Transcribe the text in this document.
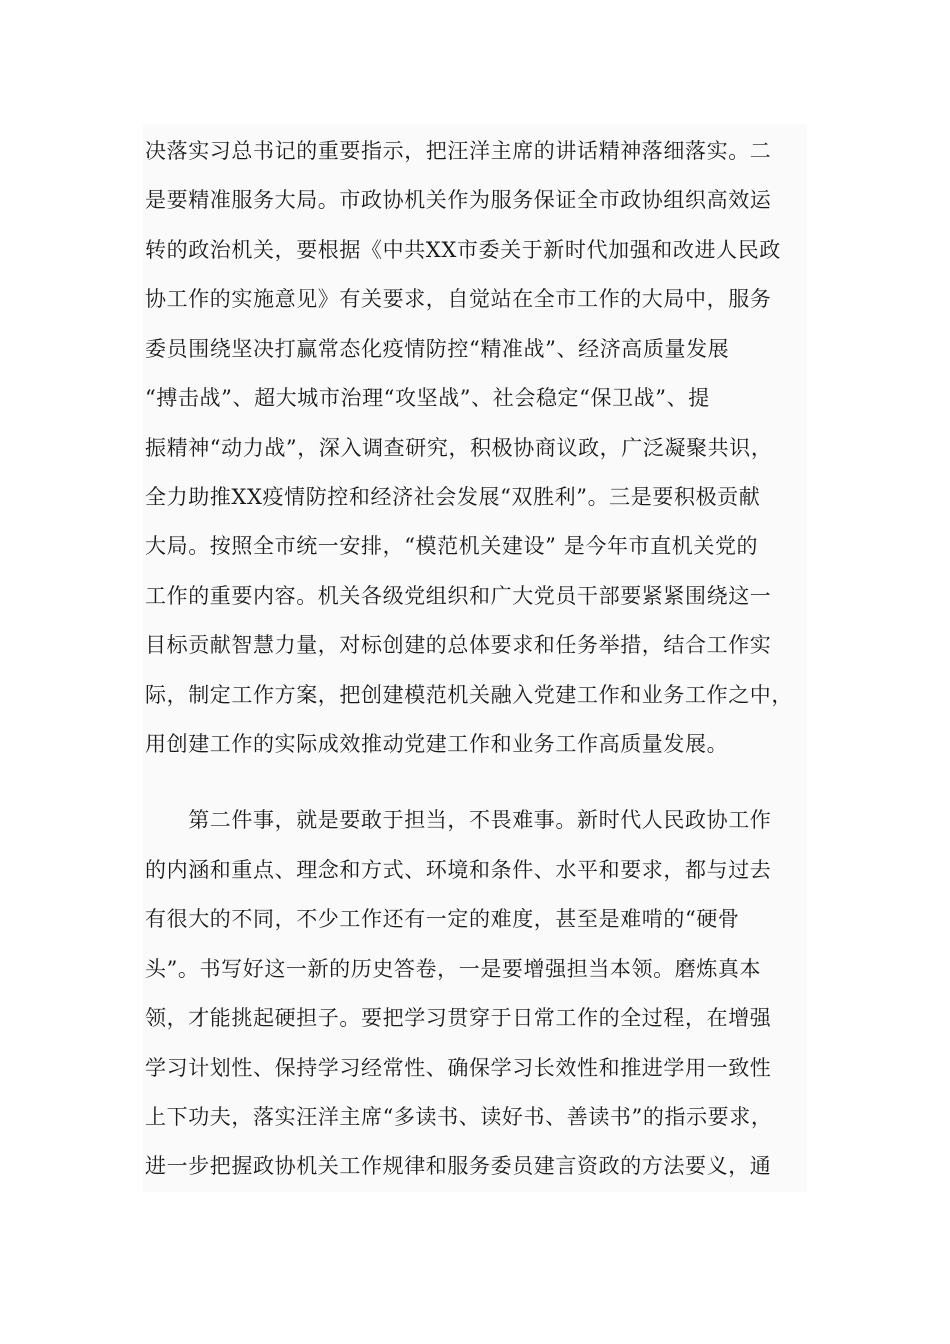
决落实习总书记的重要指示，把汪洋主席的讲话精神落细落实。二
是要精准服务大局。市政协机关作为服务保证全市政协组织高效运
转的政治机关，要根据《中共XX市委关于新时代加强和改进人民政
协工作的实施意见》有关要求，自觉站在全市工作的大局中，服务
委员围绕坚决打赢常态化疫情防控“精准战”、经济高质量发展
“搏击战”、超大城市治理“攻坚战”、社会稳定“保卫战”、提
振精神“动力战”，深入调查研究，积极协商议政，广泛凝聚共识，
全力助推XX疫情防控和经济社会发展“双胜利”。三是要积极贡献
大局。按照全市统一安排，“模范机关建设” 是今年市直机关党的
工作的重要内容。机关各级党组织和广大党员干部要紧紧围绕这一
目标贡献智慧力量，对标创建的总体要求和任务举措，结合工作实
际，制定工作方案，把创建模范机关融入党建工作和业务工作之中，
用创建工作的实际成效推动党建工作和业务工作高质量发展。
　　第二件事，就是要敢于担当，不畏难事。新时代人民政协工作
的内涵和重点、理念和方式、环境和条件、水平和要求，都与过去
有很大的不同，不少工作还有一定的难度，甚至是难啃的“硬骨
头”。书写好这一新的历史答卷，一是要增强担当本领。磨炼真本
领，才能挑起硬担子。要把学习贯穿于日常工作的全过程，在增强
学习计划性、保持学习经常性、确保学习长效性和推进学用一致性
上下功夫，落实汪洋主席“多读书、读好书、善读书”的指示要求，
进一步把握政协机关工作规律和服务委员建言资政的方法要义，通
